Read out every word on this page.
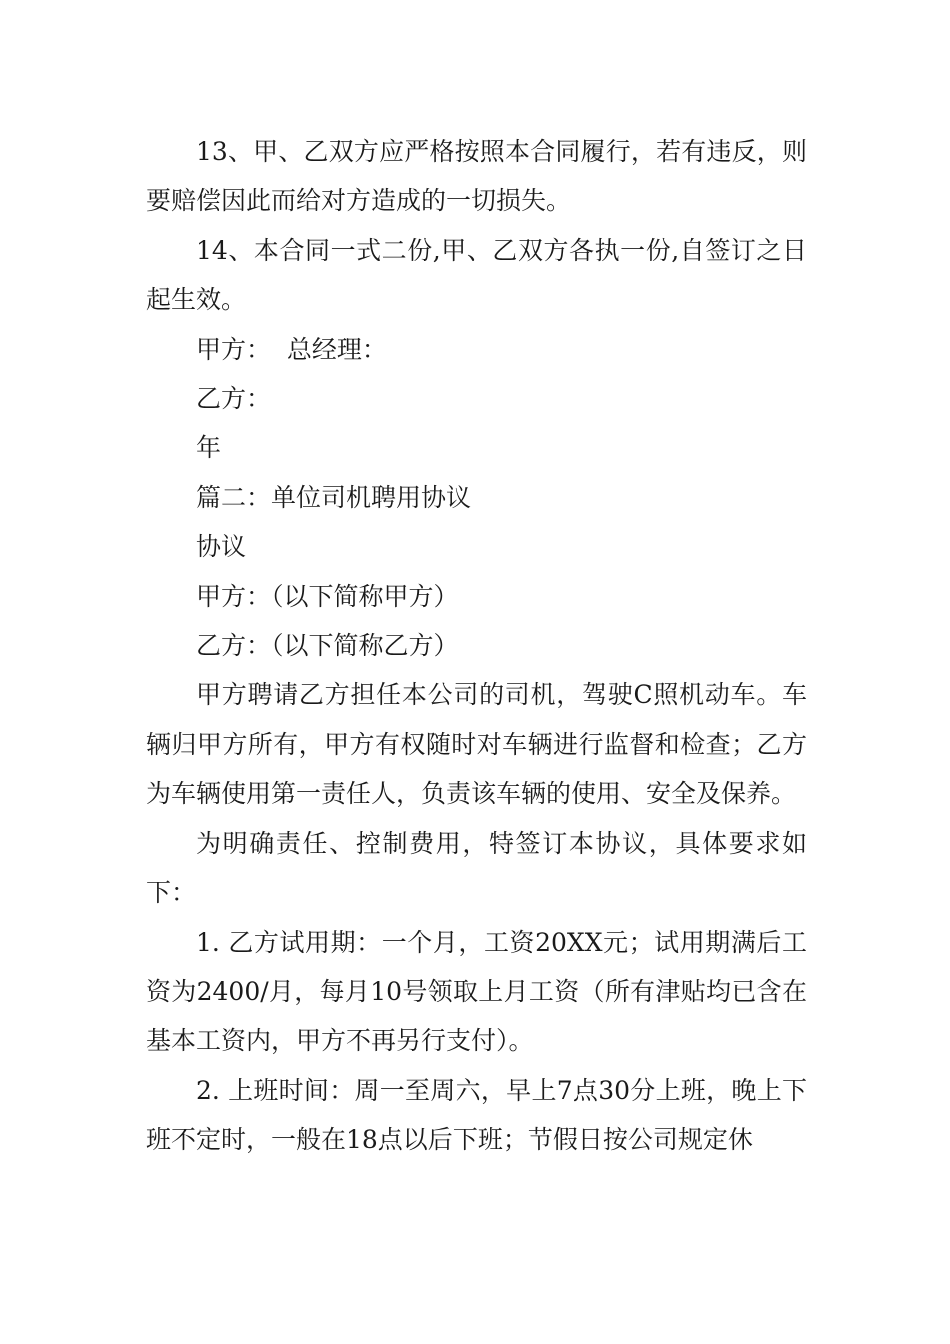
13、甲、乙双方应严格按照本合同履行，若有违反，则要赔偿因此而给对方造成的一切损失。

14、本合同一式二份,甲、乙双方各执一份,自签订之日起生效。

甲方：  总经理：

乙方：

年

篇二：单位司机聘用协议

协议

甲方：（以下简称甲方）

乙方：（以下简称乙方）

甲方聘请乙方担任本公司的司机，驾驶C照机动车。车辆归甲方所有，甲方有权随时对车辆进行监督和检查；乙方为车辆使用第一责任人，负责该车辆的使用、安全及保养。

为明确责任、控制费用，特签订本协议，具体要求如下：

1. 乙方试用期：一个月，工资20XX元；试用期满后工资为2400/月，每月10号领取上月工资（所有津贴均已含在基本工资内，甲方不再另行支付）。

2. 上班时间：周一至周六，早上7点30分上班，晚上下班不定时，一般在18点以后下班；节假日按公司规定休
